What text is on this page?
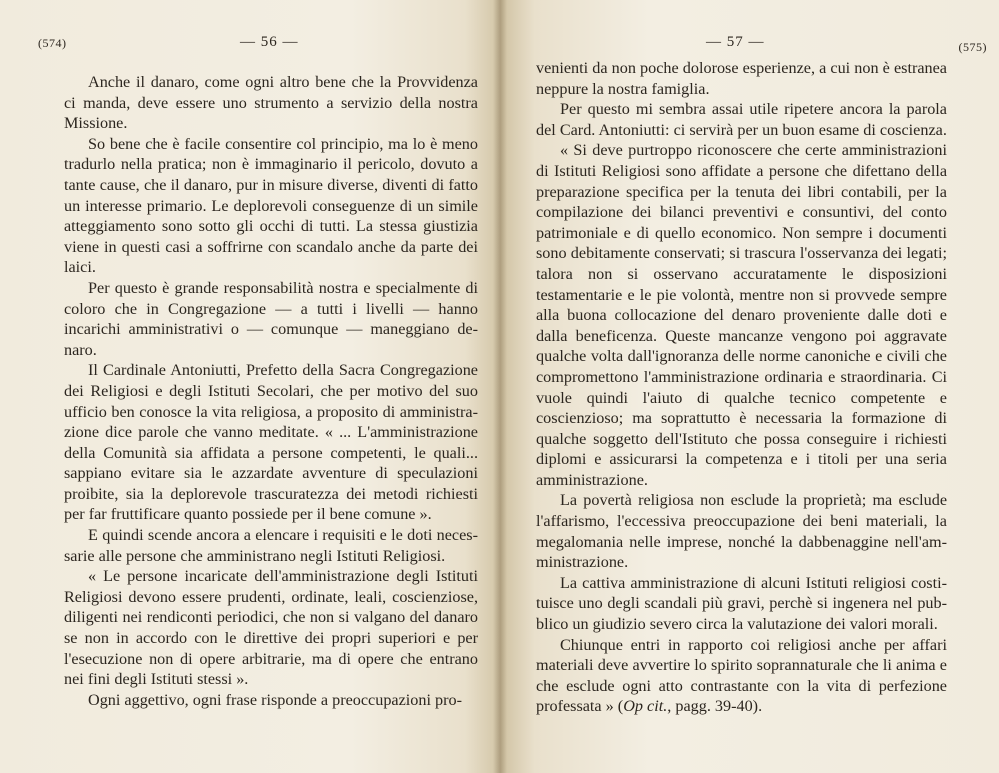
(574)	— 56 —

Anche il danaro, come ogni altro bene che la Provvidenza ci manda, deve essere uno strumento a servizio della nostra Missione.

So bene che è facile consentire col principio, ma lo è meno tradurlo nella pratica; non è immaginario il pericolo, dovuto a tante cause, che il danaro, pur in misure diverse, diventi di fatto un interesse primario. Le deplorevoli conseguenze di un simile atteggiamento sono sotto gli occhi di tutti. La stessa giustizia viene in questi casi a soffrirne con scandalo anche da parte dei laici.

Per questo è grande responsabilità nostra e specialmente di coloro che in Congregazione — a tutti i livelli — hanno incarichi amministrativi o — comunque — maneggiano denaro.

Il Cardinale Antoniutti, Prefetto della Sacra Congregazione dei Religiosi e degli Istituti Secolari, che per motivo del suo ufficio ben conosce la vita religiosa, a proposito di amministrazione dice parole che vanno meditate. « ... L'amministrazione della Comunità sia affidata a persone competenti, le quali... sappiano evitare sia le azzardate avventure di speculazioni proibite, sia la deplorevole trascuratezza dei metodi richiesti per far fruttificare quanto possiede per il bene comune ».

E quindi scende ancora a elencare i requisiti e le doti necessarie alle persone che amministrano negli Istituti Religiosi.

« Le persone incaricate dell'amministrazione degli Istituti Religiosi devono essere prudenti, ordinate, leali, coscienziose, diligenti nei rendiconti periodici, che non si valgano del danaro se non in accordo con le direttive dei propri superiori e per l'esecuzione non di opere arbitrarie, ma di opere che entrano nei fini degli Istituti stessi ».

Ogni aggettivo, ogni frase risponde a preoccupazioni pro-

— 57 —	(575)

venienti da non poche dolorose esperienze, a cui non è estranea neppure la nostra famiglia.

Per questo mi sembra assai utile ripetere ancora la parola del Card. Antoniutti: ci servirà per un buon esame di coscienza.

« Si deve purtroppo riconoscere che certe amministrazioni di Istituti Religiosi sono affidate a persone che difettano della preparazione specifica per la tenuta dei libri contabili, per la compilazione dei bilanci preventivi e consuntivi, del conto patrimoniale e di quello economico. Non sempre i documenti sono debitamente conservati; si trascura l'osservanza dei legati; talora non si osservano accuratamente le disposizioni testamentarie e le pie volontà, mentre non si provvede sempre alla buona collocazione del denaro proveniente dalle doti e dalla beneficenza. Queste mancanze vengono poi aggravate qualche volta dall'ignoranza delle norme canoniche e civili che compromettono l'amministrazione ordinaria e straordinaria. Ci vuole quindi l'aiuto di qualche tecnico competente e coscienzioso; ma soprattutto è necessaria la formazione di qualche soggetto dell'Istituto che possa conseguire i richiesti diplomi e assicurarsi la competenza e i titoli per una seria amministrazione.

La povertà religiosa non esclude la proprietà; ma esclude l'affarismo, l'eccessiva preoccupazione dei beni materiali, la megalomania nelle imprese, nonché la dabbenaggine nell'amministrazione.

La cattiva amministrazione di alcuni Istituti religiosi costituisce uno degli scandali più gravi, perchè si ingenera nel pubblico un giudizio severo circa la valutazione dei valori morali.

Chiunque entri in rapporto coi religiosi anche per affari materiali deve avvertire lo spirito soprannaturale che li anima e che esclude ogni atto contrastante con la vita di perfezione professata » (Op cit., pagg. 39-40).
